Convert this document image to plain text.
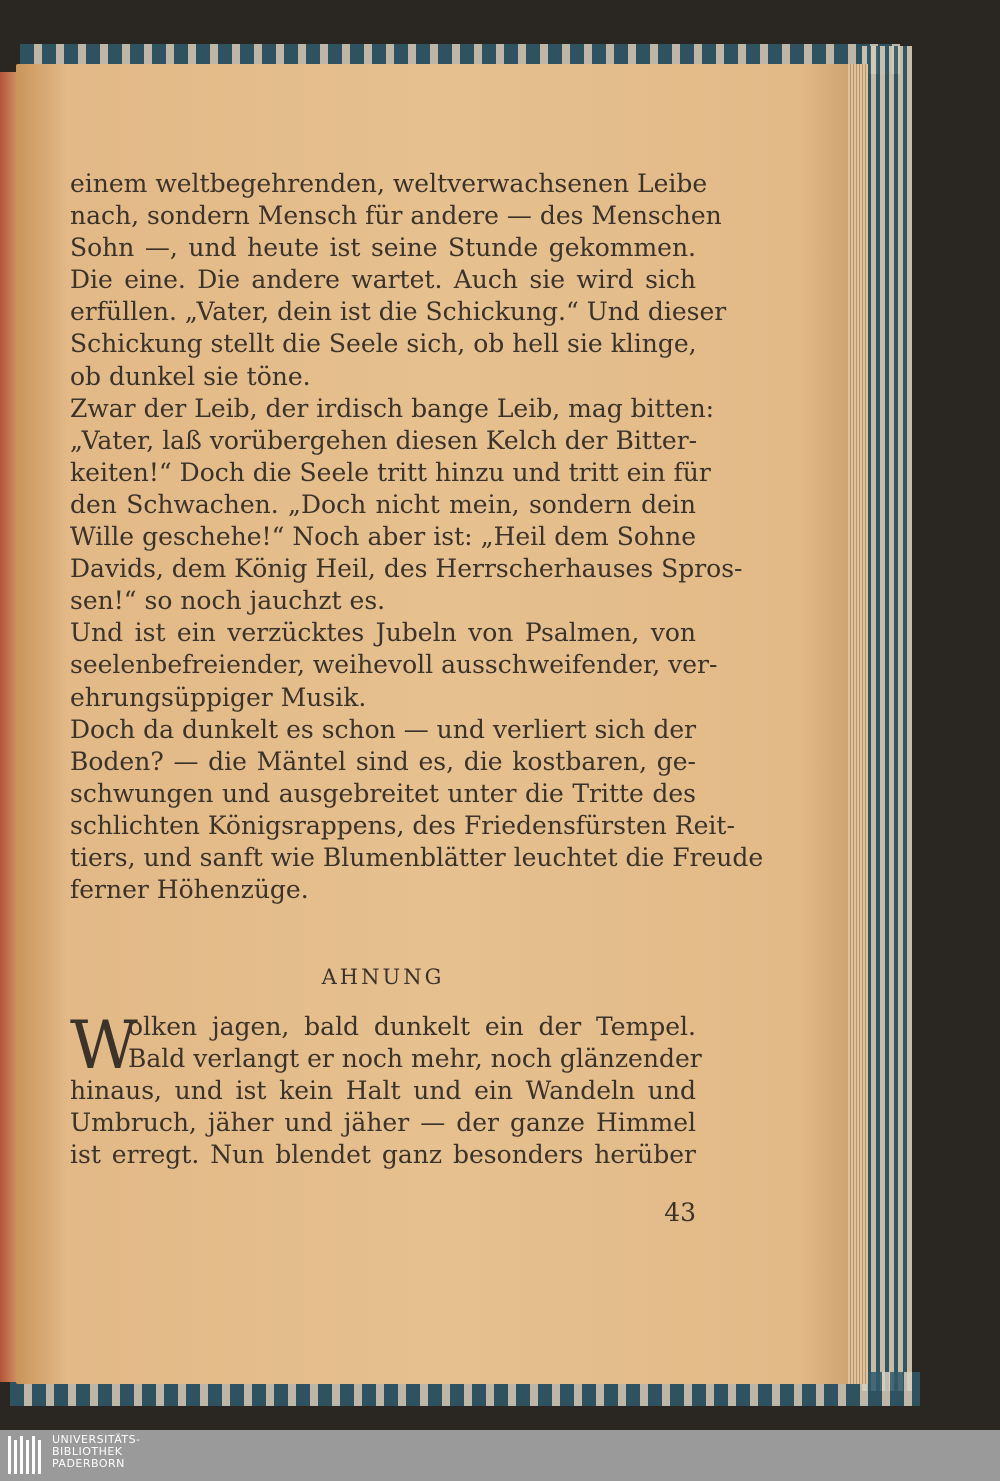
einem weltbegehrenden, weltverwachsenen Leibe
nach, sondern Mensch für andere — des Menschen
Sohn —, und heute ist seine Stunde gekommen.
Die eine. Die andere wartet. Auch sie wird sich
erfüllen. „Vater, dein ist die Schickung.“ Und dieser
Schickung stellt die Seele sich, ob hell sie klinge,
ob dunkel sie töne.
Zwar der Leib, der irdisch bange Leib, mag bitten:
„Vater, laß vorübergehen diesen Kelch der Bitter-
keiten!“ Doch die Seele tritt hinzu und tritt ein für
den Schwachen. „Doch nicht mein, sondern dein
Wille geschehe!“ Noch aber ist: „Heil dem Sohne
Davids, dem König Heil, des Herrscherhauses Spros-
sen!“ so noch jauchzt es.
Und ist ein verzücktes Jubeln von Psalmen, von
seelenbefreiender, weihevoll ausschweifender, ver-
ehrungsüppiger Musik.
Doch da dunkelt es schon — und verliert sich der
Boden? — die Mäntel sind es, die kostbaren, ge-
schwungen und ausgebreitet unter die Tritte des
schlichten Königsrappens, des Friedensfürsten Reit-
tiers, und sanft wie Blumenblätter leuchtet die Freude
ferner Höhenzüge.
AHNUNG
W
olken jagen, bald dunkelt ein der Tempel.
Bald verlangt er noch mehr, noch glänzender
hinaus, und ist kein Halt und ein Wandeln und
Umbruch, jäher und jäher — der ganze Himmel
ist erregt. Nun blendet ganz besonders herüber
43
UNIVERSITÄTS-
BIBLIOTHEK
PADERBORN
